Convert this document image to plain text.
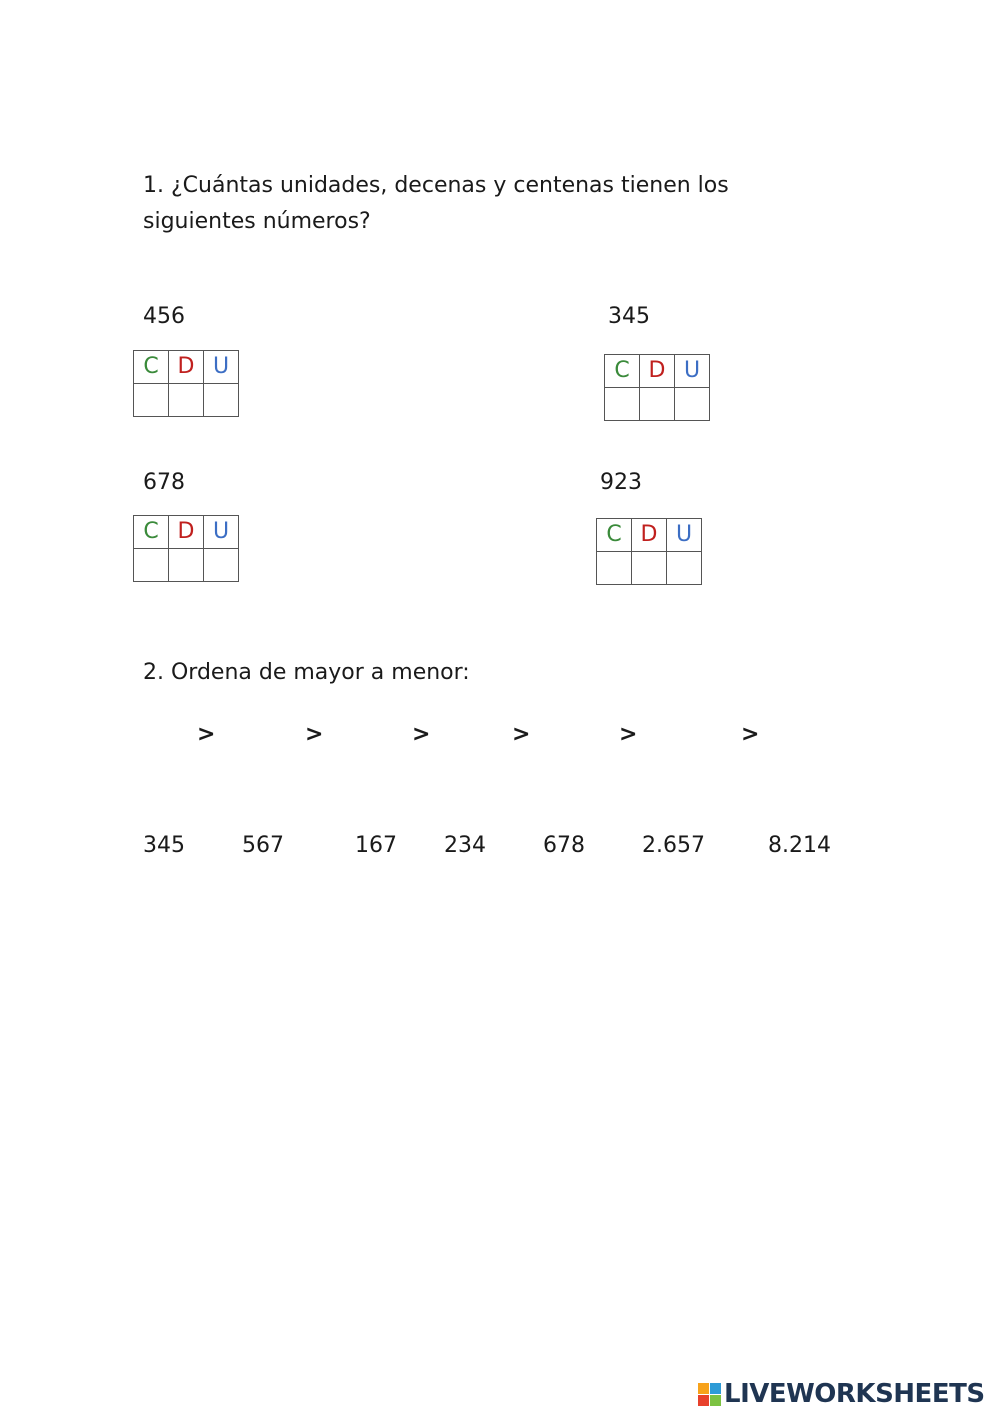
1. ¿Cuántas unidades, decenas y centenas tienen los siguientes números?
456
C	D	U

345
C	D	U

678
C	D	U

923
C	D	U

2. Ordena de mayor a menor:
>	>	>	>	>	>
345	567	167 234	678	2.657	8.214
LIVEWORKSHEETS
